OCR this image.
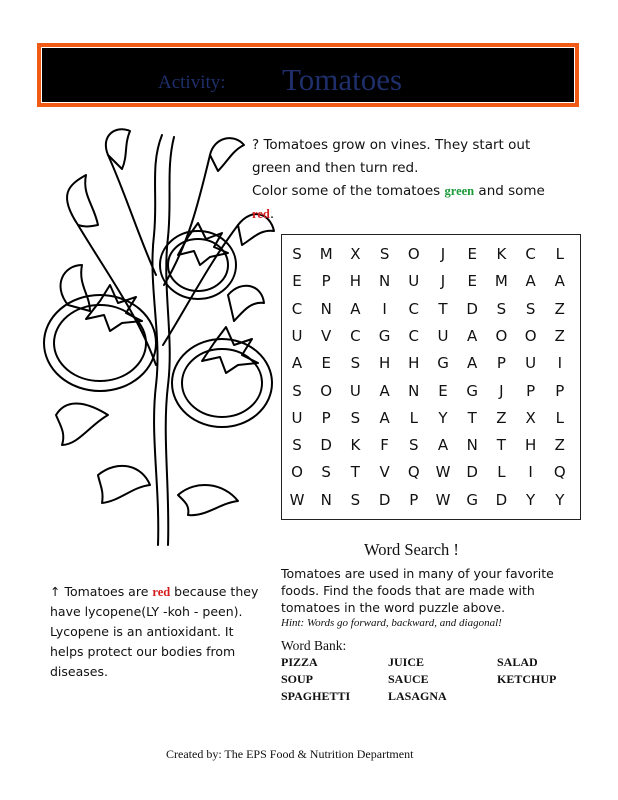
Activity: Tomatoes

? Tomatoes grow on vines. They start out green and then turn red.

Color some of the tomatoes green and some red.

S	M	X	S	O	J	E	K	C	L
E	P	H	N	U	J	E	M	A	A
C	N	A	I	C	T	D	S	S	Z
U	V	C	G	C	U	A	O	O	Z
A	E	S	H	H	G	A	P	U	I
S	O	U	A	N	E	G	J	P	P
U	P	S	A	L	Y	T	Z	X	L
S	D	K	F	S	A	N	T	H	Z
O	S	T	V	Q	W	D	L	I	Q
W	N	S	D	P	W	G	D	Y	Y
Word Search !
Tomatoes are used in many of your favorite foods. Find the foods that are made with tomatoes in the word puzzle above.
Hint: Words go forward, backward, and diagonal!
Word Bank:
PIZZA	JUICE	SALAD
SOUP	SAUCE	KETCHUP
SPAGHETTI	LASAGNA

↑ Tomatoes are red because they have lycopene(LY -koh - peen). Lycopene is an antioxidant. It helps protect our bodies from diseases.

Created by: The EPS Food & Nutrition Department
